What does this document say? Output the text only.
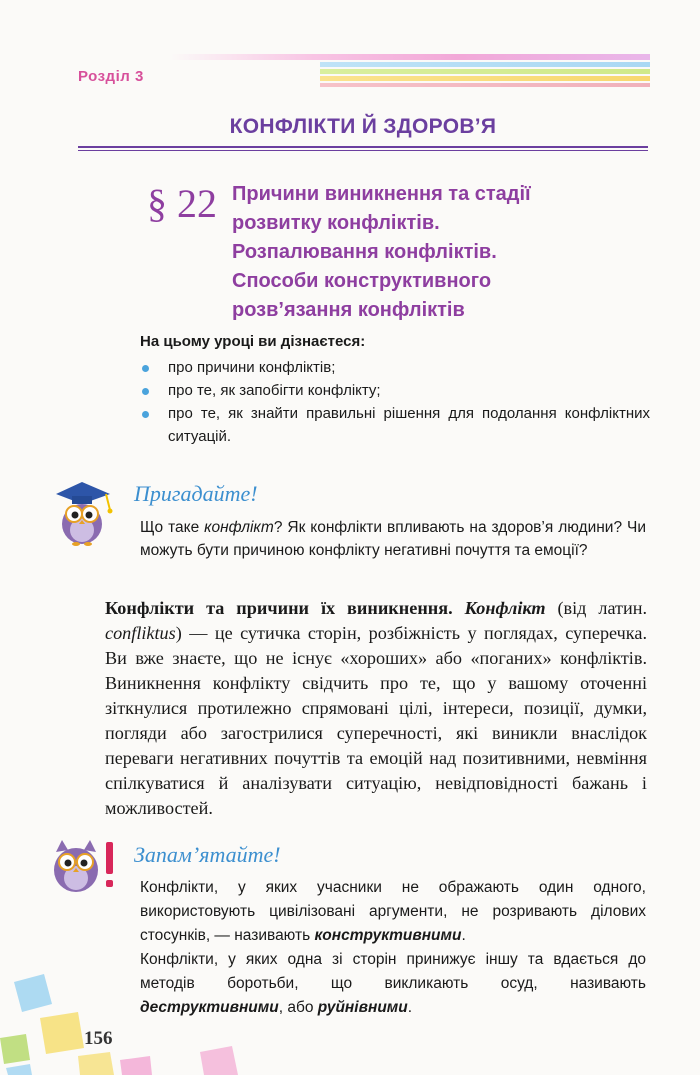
Розділ 3
КОНФЛІКТИ Й ЗДОРОВ’Я
§ 22 Причини виникнення та стадії
розвитку конфліктів.
Розпалювання конфліктів.
Способи конструктивного
розв’язання конфліктів
На цьому уроці ви дізнаєтеся:
про причини конфліктів;
про те, як запобігти конфлікту;
про те, як знайти правильні рішення для подолання конфліктних ситуацій.
Пригадайте!
Що таке конфлікт? Як конфлікти впливають на здоров’я людини? Чи можуть бути причиною конфлікту негативні почуття та емоції?
Конфлікти та причини їх виникнення. Конфлікт (від латин. confliktus) — це сутичка сторін, розбіжність у поглядах, суперечка. Ви вже знаєте, що не існує «хороших» або «поганих» конфліктів. Виникнення конфлікту свідчить про те, що у вашому оточенні зіткнулися протилежно спрямовані цілі, інтереси, позиції, думки, погляди або загострилися суперечності, які виникли внаслідок переваги негативних почуттів та емоцій над позитивними, невміння спілкуватися й аналізувати ситуацію, невідповідності бажань і можливостей.
Запам’ятайте!
Конфлікти, у яких учасники не ображають один одного, використовують цивілізовані аргументи, не розривають ділових стосунків, — називають конструктивними.
Конфлікти, у яких одна зі сторін принижує іншу та вдається до методів боротьби, що викликають осуд, називають деструктивними, або руйнівними.
156
